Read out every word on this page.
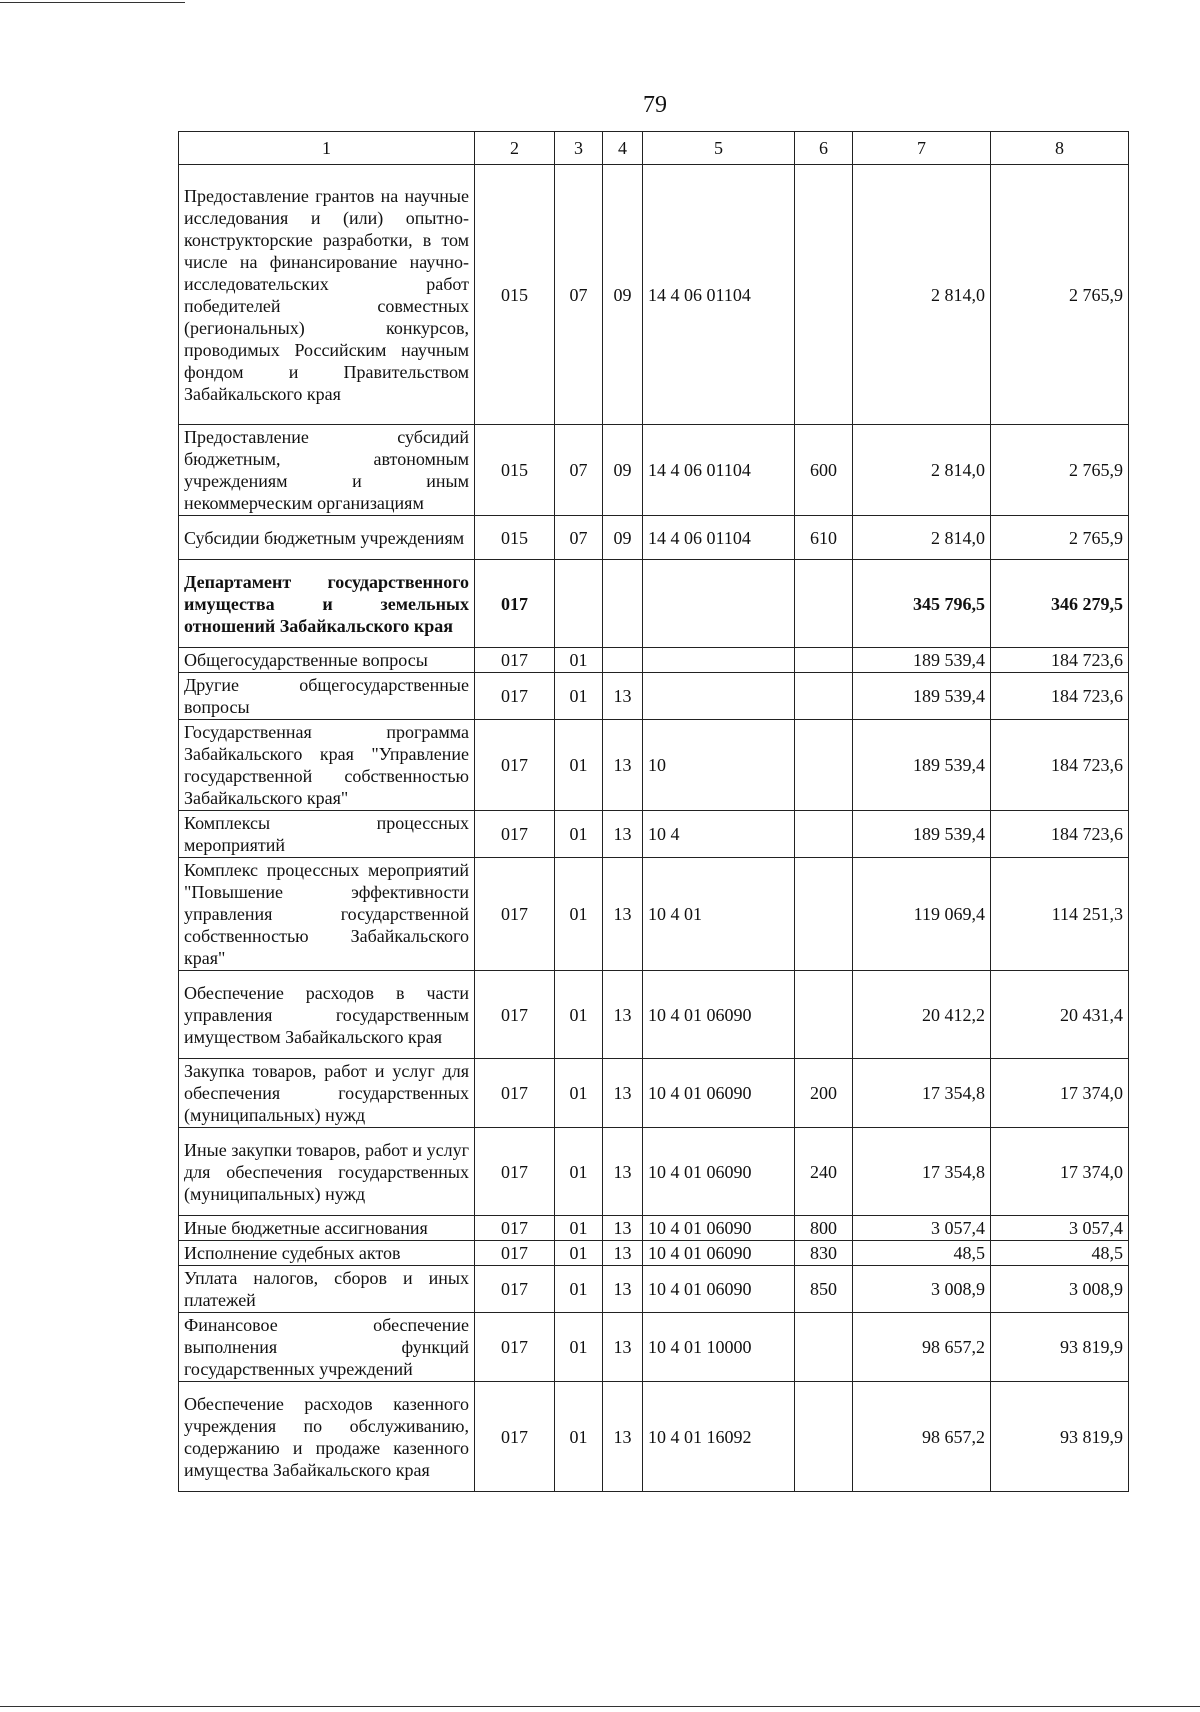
79
1	2	3	4	5	6	7	8
Предоставление грантов на научные исследования и (или) опытно-конструкторские разработки, в том числе на финансирование научно-исследовательских работ победителей совместных (региональных) конкурсов, проводимых Российским научным фондом и Правительством Забайкальского края	015	07	09	14 4 06 01104		2 814,0	2 765,9
Предоставление субсидий бюджетным, автономным учреждениям и иным некоммерческим организациям	015	07	09	14 4 06 01104	600	2 814,0	2 765,9
Субсидии бюджетным учреждениям	015	07	09	14 4 06 01104	610	2 814,0	2 765,9
Департамент государственного имущества и земельных отношений Забайкальского края	017					345 796,5	346 279,5
Общегосударственные вопросы	017	01				189 539,4	184 723,6
Другие общегосударственные вопросы	017	01	13			189 539,4	184 723,6
Государственная программа Забайкальского края "Управление государственной собственностью Забайкальского края"	017	01	13	10		189 539,4	184 723,6
Комплексы процессных мероприятий	017	01	13	10 4		189 539,4	184 723,6
Комплекс процессных мероприятий "Повышение эффективности управления государственной собственностью Забайкальского края"	017	01	13	10 4 01		119 069,4	114 251,3
Обеспечение расходов в части управления государственным имуществом Забайкальского края	017	01	13	10 4 01 06090		20 412,2	20 431,4
Закупка товаров, работ и услуг для обеспечения государственных (муниципальных) нужд	017	01	13	10 4 01 06090	200	17 354,8	17 374,0
Иные закупки товаров, работ и услуг для обеспечения государственных (муниципальных) нужд	017	01	13	10 4 01 06090	240	17 354,8	17 374,0
Иные бюджетные ассигнования	017	01	13	10 4 01 06090	800	3 057,4	3 057,4
Исполнение судебных актов	017	01	13	10 4 01 06090	830	48,5	48,5
Уплата налогов, сборов и иных платежей	017	01	13	10 4 01 06090	850	3 008,9	3 008,9
Финансовое обеспечение выполнения функций государственных учреждений	017	01	13	10 4 01 10000		98 657,2	93 819,9
Обеспечение расходов казенного учреждения по обслуживанию, содержанию и продаже казенного имущества Забайкальского края	017	01	13	10 4 01 16092		98 657,2	93 819,9
